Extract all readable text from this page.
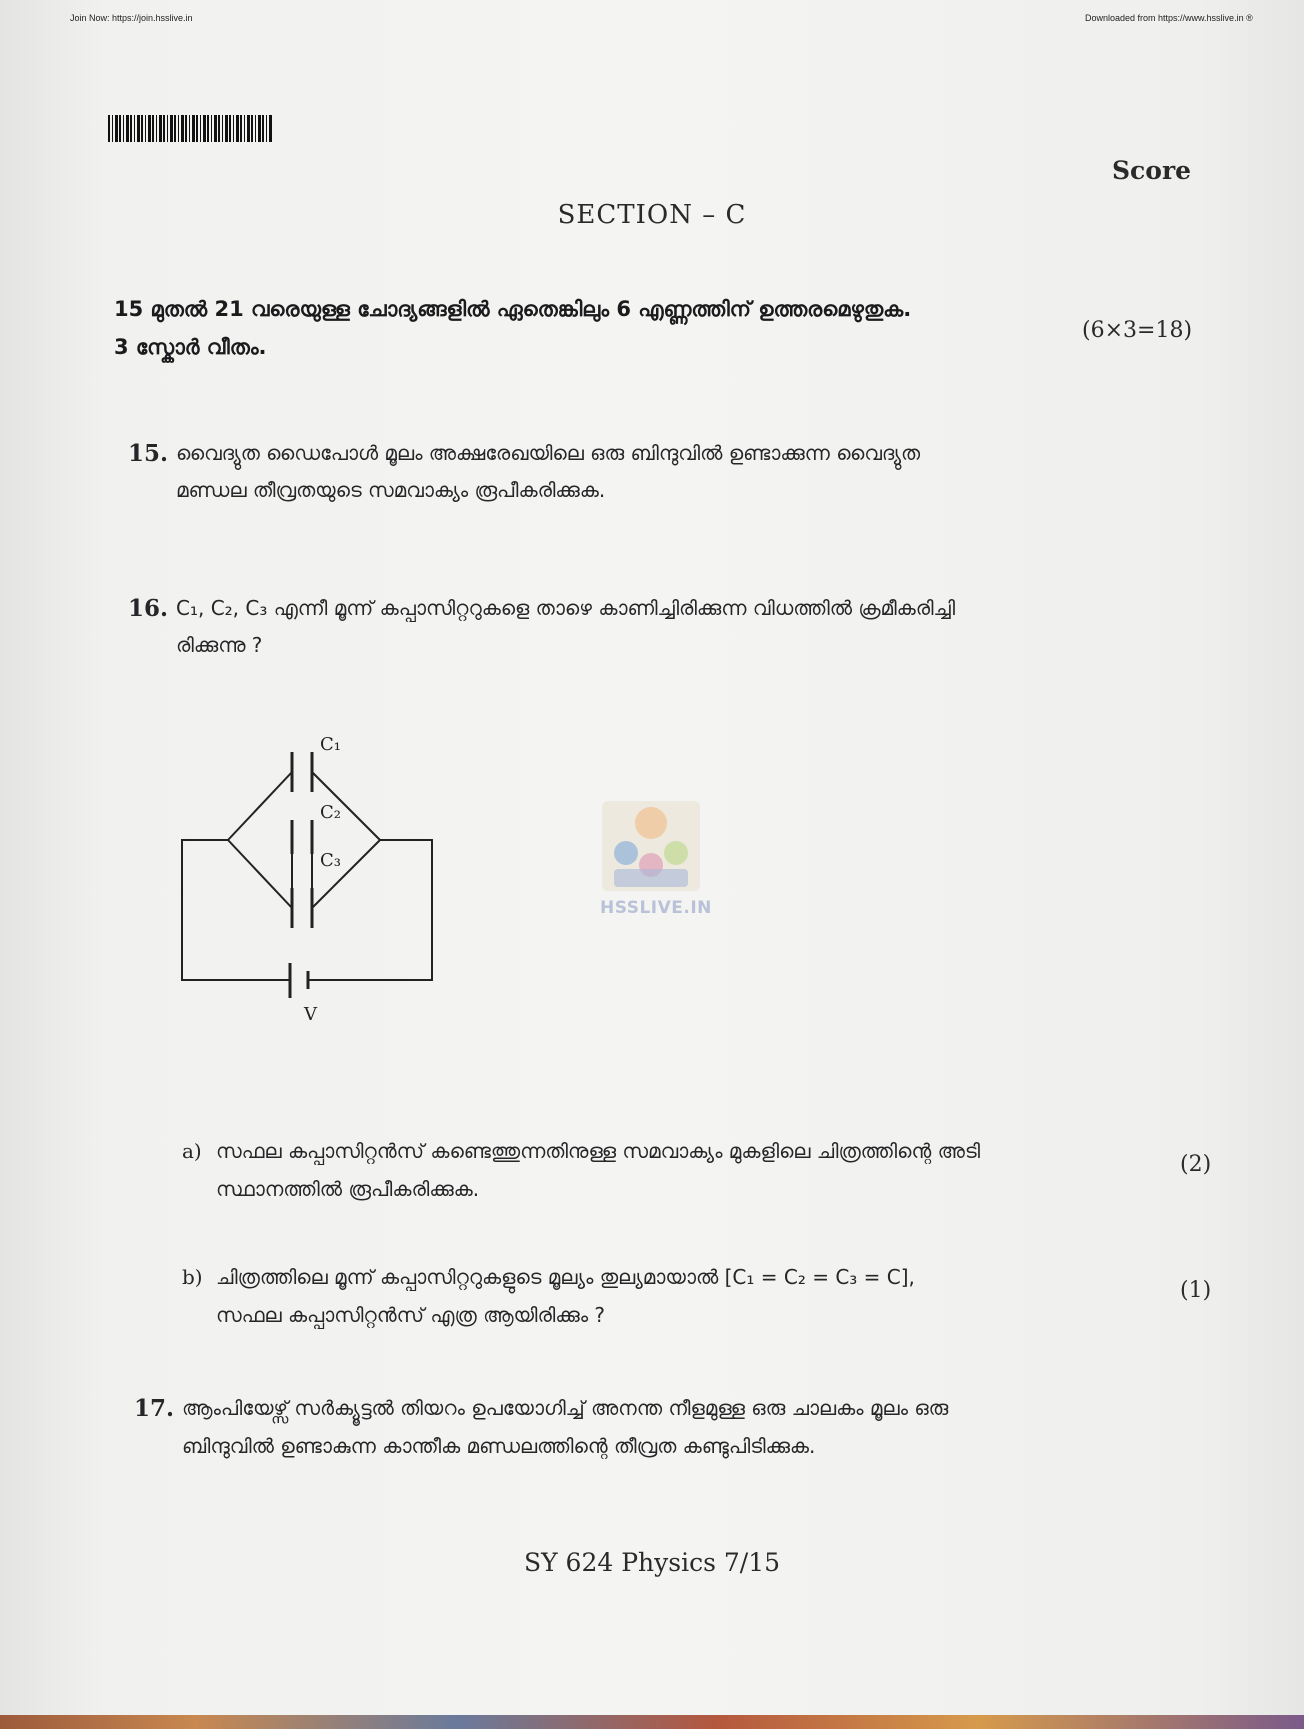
Join Now: https://join.hsslive.in	Downloaded from https://www.hsslive.in ®
Score
SECTION – C
15 മുതൽ 21 വരെയുള്ള ചോദ്യങ്ങളിൽ ഏതെങ്കിലും 6 എണ്ണത്തിന് ഉത്തരമെഴുതുക.
3 സ്കോർ വീതം.
(6×3=18)
15. വൈദ്യുത ഡൈപോൾ മൂലം അക്ഷരേഖയിലെ ഒരു ബിന്ദുവിൽ ഉണ്ടാക്കുന്ന വൈദ്യുത
മണ്ഡല തീവ്രതയുടെ സമവാക്യം രൂപീകരിക്കുക.
16. C₁, C₂, C₃ എന്നീ മൂന്ന് കപ്പാസിറ്ററുകളെ താഴെ കാണിച്ചിരിക്കുന്ന വിധത്തിൽ ക്രമീകരിച്ചി
രിക്കുന്നു ?
C₁
C₂
C₃
V
HSSLIVE.IN
a) സഫല കപ്പാസിറ്റൻസ് കണ്ടെത്തുന്നതിനുള്ള സമവാക്യം മുകളിലെ ചിത്രത്തിന്റെ അടി
സ്ഥാനത്തിൽ രൂപീകരിക്കുക.
(2)
b) ചിത്രത്തിലെ മൂന്ന് കപ്പാസിറ്ററുകളുടെ മൂല്യം തുല്യമായാൽ [C₁ = C₂ = C₃ = C],
സഫല കപ്പാസിറ്റൻസ് എത്ര ആയിരിക്കും ?
(1)
17. ആംപിയേഴ്സ് സർക്യൂട്ടൽ തിയറം ഉപയോഗിച്ച് അനന്ത നീളമുള്ള ഒരു ചാലകം മൂലം ഒരു
ബിന്ദുവിൽ ഉണ്ടാകുന്ന കാന്തീക മണ്ഡലത്തിന്റെ തീവ്രത കണ്ടുപിടിക്കുക.
SY 624 Physics 7/15
